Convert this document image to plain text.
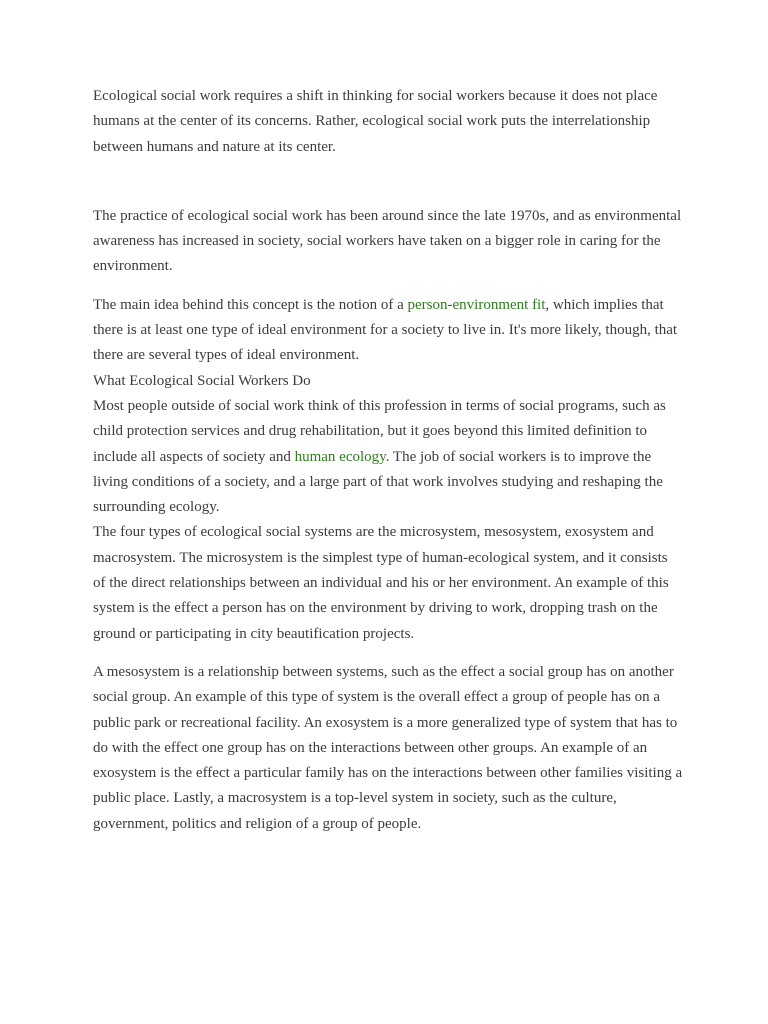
Ecological social work requires a shift in thinking for social workers because it does not place humans at the center of its concerns. Rather, ecological social work puts the interrelationship between humans and nature at its center.

The practice of ecological social work has been around since the late 1970s, and as environmental awareness has increased in society, social workers have taken on a bigger role in caring for the environment.

The main idea behind this concept is the notion of a person-environment fit, which implies that there is at least one type of ideal environment for a society to live in. It's more likely, though, that there are several types of ideal environment.

What Ecological Social Workers Do

Most people outside of social work think of this profession in terms of social programs, such as child protection services and drug rehabilitation, but it goes beyond this limited definition to include all aspects of society and human ecology. The job of social workers is to improve the living conditions of a society, and a large part of that work involves studying and reshaping the surrounding ecology.

The four types of ecological social systems are the microsystem, mesosystem, exosystem and macrosystem. The microsystem is the simplest type of human-ecological system, and it consists of the direct relationships between an individual and his or her environment. An example of this system is the effect a person has on the environment by driving to work, dropping trash on the ground or participating in city beautification projects.

A mesosystem is a relationship between systems, such as the effect a social group has on another social group. An example of this type of system is the overall effect a group of people has on a public park or recreational facility. An exosystem is a more generalized type of system that has to do with the effect one group has on the interactions between other groups. An example of an exosystem is the effect a particular family has on the interactions between other families visiting a public place. Lastly, a macrosystem is a top-level system in society, such as the culture, government, politics and religion of a group of people.
